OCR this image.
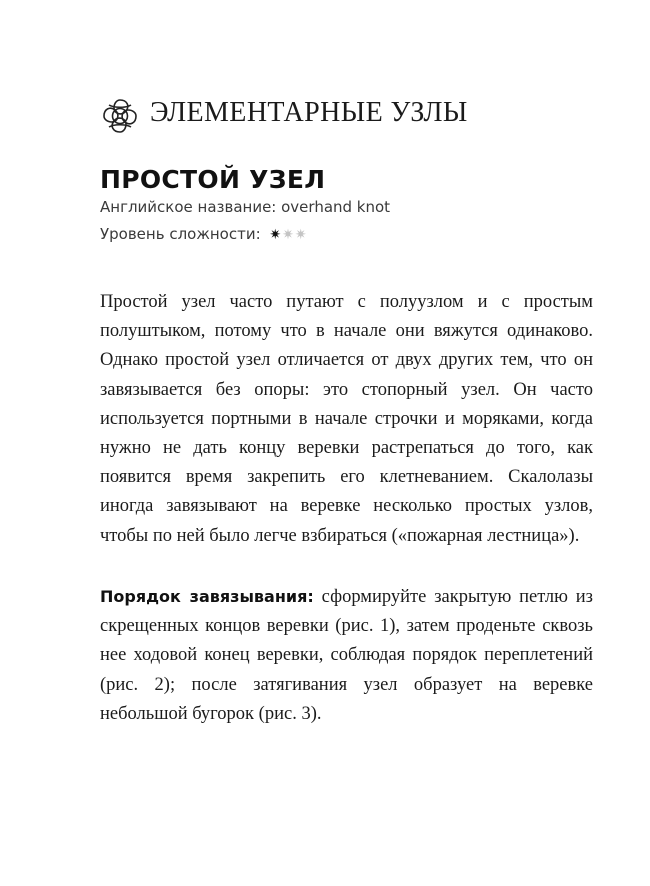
ЭЛЕМЕНТАРНЫЕ УЗЛЫ
ПРОСТОЙ УЗЕЛ
Английское название: overhand knot
Уровень сложности: ✷✷✷

Простой узел часто путают с полуузлом и с простым полуштыком, потому что в начале они вяжутся одинаково. Однако простой узел отличается от двух других тем, что он завязывается без опоры: это стопорный узел. Он часто используется портными в начале строчки и моряками, когда нужно не дать концу веревки растрепаться до того, как появится время закрепить его клетневанием. Скалолазы иногда завязывают на веревке несколько простых узлов, чтобы по ней было легче взбираться («пожарная лестница»).

Порядок завязывания: сформируйте закрытую петлю из скрещенных концов веревки (рис. 1), затем проденьте сквозь нее ходовой конец веревки, соблюдая порядок переплетений (рис. 2); после затягивания узел образует на веревке небольшой бугорок (рис. 3).
